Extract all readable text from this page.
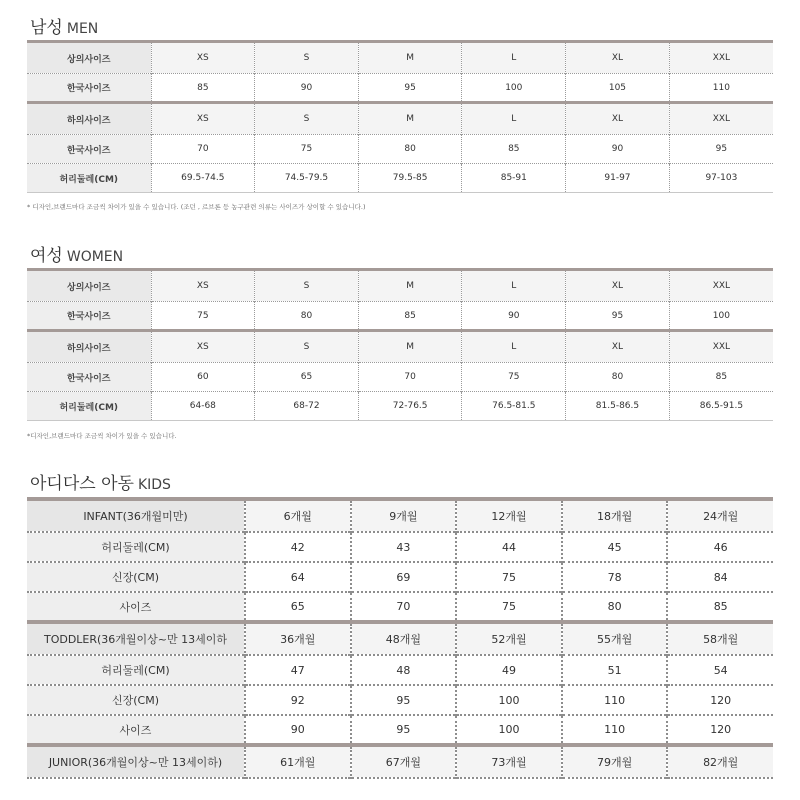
남성 MEN
상의사이즈	XS	S	M	L	XL	XXL
한국사이즈	85	90	95	100	105	110
하의사이즈	XS	S	M	L	XL	XXL
한국사이즈	70	75	80	85	90	95
허리둘레(CM)	69.5-74.5	74.5-79.5	79.5-85	85-91	91-97	97-103
* 디자인,브랜드마다 조금씩 차이가 있을 수 있습니다. (조던 , 르브론 등 농구관련 의류는 사이즈가 상이할 수 있습니다.)
여성 WOMEN
상의사이즈	XS	S	M	L	XL	XXL
한국사이즈	75	80	85	90	95	100
하의사이즈	XS	S	M	L	XL	XXL
한국사이즈	60	65	70	75	80	85
허리둘레(CM)	64-68	68-72	72-76.5	76.5-81.5	81.5-86.5	86.5-91.5
*디자인,브랜드마다 조금씩 차이가 있을 수 있습니다.
아디다스 아동 KIDS
INFANT(36개월미만)	6개월	9개월	12개월	18개월	24개월
허리둘레(CM)	42	43	44	45	46
신장(CM)	64	69	75	78	84
사이즈	65	70	75	80	85
TODDLER(36개월이상~만 13세이하	36개월	48개월	52개월	55개월	58개월
허리둘레(CM)	47	48	49	51	54
신장(CM)	92	95	100	110	120
사이즈	90	95	100	110	120
JUNIOR(36개월이상~만 13세이하)	61개월	67개월	73개월	79개월	82개월
